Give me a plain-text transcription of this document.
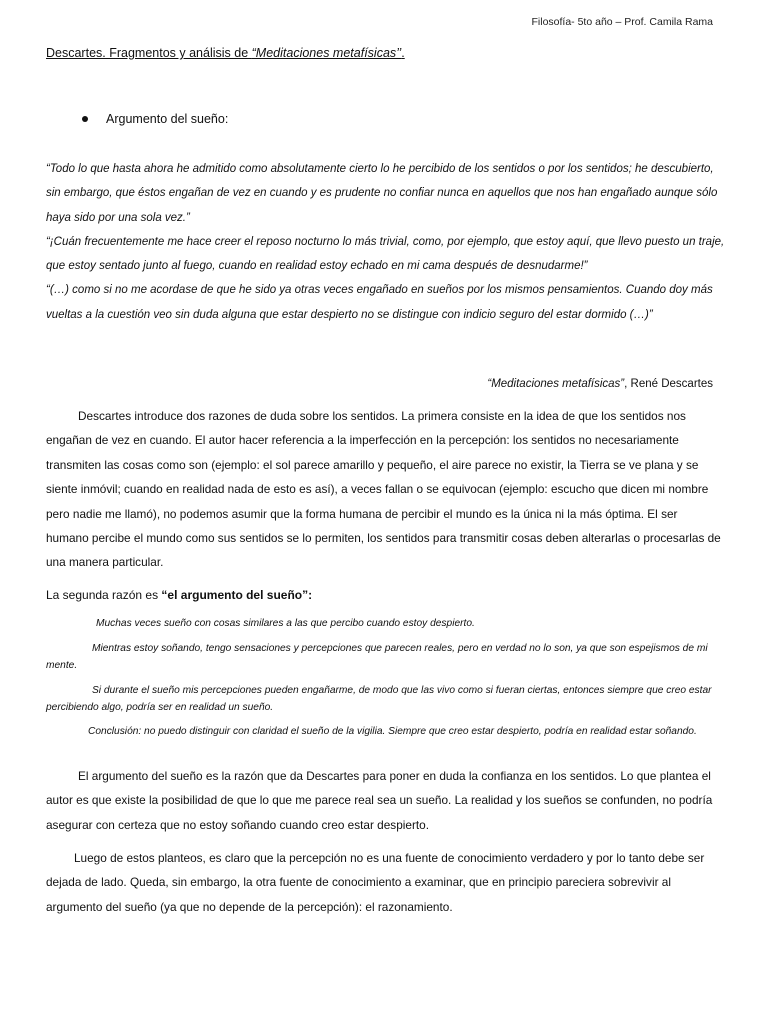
Filosofía- 5to año – Prof. Camila Rama
Descartes. Fragmentos y análisis de “Meditaciones metafísicas’’.
Argumento del sueño:

“Todo lo que hasta ahora he admitido como absolutamente cierto lo he percibido de los sentidos o por los sentidos; he descubierto, sin embargo, que éstos engañan de vez en cuando y es prudente no confiar nunca en aquellos que nos han engañado aunque sólo haya sido por una sola vez.”

“¡Cuán frecuentemente me hace creer el reposo nocturno lo más trivial, como, por ejemplo, que estoy aquí, que llevo puesto un traje, que estoy sentado junto al fuego, cuando en realidad estoy echado en mi cama después de desnudarme!”

“(…) como si no me acordase de que he sido ya otras veces engañado en sueños por los mismos pensamientos. Cuando doy más vueltas a la cuestión veo sin duda alguna que estar despierto no se distingue con indicio seguro del estar dormido (…)”

“Meditaciones metafísicas”, René Descartes

Descartes introduce dos razones de duda sobre los sentidos. La primera consiste en la idea de que los sentidos nos engañan de vez en cuando. El autor hacer referencia a la imperfección en la percepción: los sentidos no necesariamente transmiten las cosas como son (ejemplo: el sol parece amarillo y pequeño, el aire parece no existir, la Tierra se ve plana y se siente inmóvil; cuando en realidad nada de esto es así), a veces fallan o se equivocan (ejemplo: escucho que dicen mi nombre pero nadie me llamó), no podemos asumir que la forma humana de percibir el mundo es la única ni la más óptima. El ser humano percibe el mundo como sus sentidos se lo permiten, los sentidos para transmitir cosas deben alterarlas o procesarlas de una manera particular.

La segunda razón es “el argumento del sueño”:

Muchas veces sueño con cosas similares a las que percibo cuando estoy despierto.

Mientras estoy soñando, tengo sensaciones y percepciones que parecen reales, pero en verdad no lo son, ya que son espejismos de mi mente.

Si durante el sueño mis percepciones pueden engañarme, de modo que las vivo como si fueran ciertas, entonces siempre que creo estar percibiendo algo, podría ser en realidad un sueño.

Conclusión: no puedo distinguir con claridad el sueño de la vigilia. Siempre que creo estar despierto, podría en realidad estar soñando.

El argumento del sueño es la razón que da Descartes para poner en duda la confianza en los sentidos. Lo que plantea el autor es que existe la posibilidad de que lo que me parece real sea un sueño. La realidad y los sueños se confunden, no podría asegurar con certeza que no estoy soñando cuando creo estar despierto.

Luego de estos planteos, es claro que la percepción no es una fuente de conocimiento verdadero y por lo tanto debe ser dejada de lado. Queda, sin embargo, la otra fuente de conocimiento a examinar, que en principio pareciera sobrevivir al argumento del sueño (ya que no depende de la percepción): el razonamiento.
